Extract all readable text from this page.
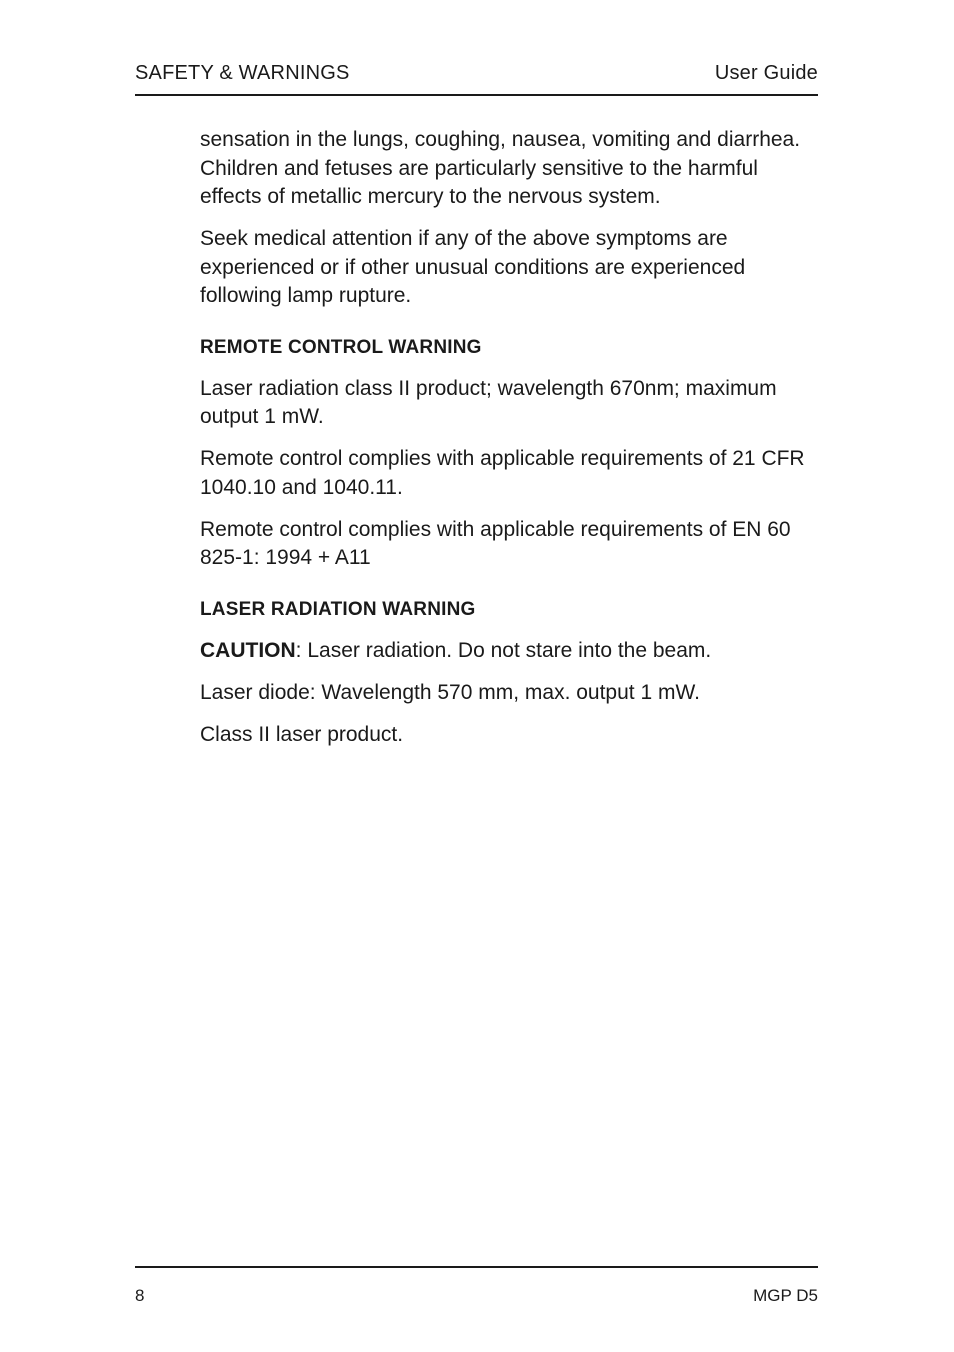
SAFETY & WARNINGS	User Guide

sensation in the lungs, coughing, nausea, vomiting and diarrhea. Children and fetuses are particularly sensitive to the harmful effects of metallic mercury to the nervous system.

Seek medical attention if any of the above symptoms are experienced or if other unusual conditions are experienced following lamp rupture.

REMOTE CONTROL WARNING

Laser radiation class II product; wavelength 670nm; maximum output 1 mW.

Remote control complies with applicable requirements of 21 CFR 1040.10 and 1040.11.

Remote control complies with applicable requirements of EN 60 825-1: 1994 + A11

LASER RADIATION WARNING

CAUTION: Laser radiation. Do not stare into the beam.

Laser diode: Wavelength 570 mm, max. output 1 mW.

Class II laser product.

8	MGP D5
